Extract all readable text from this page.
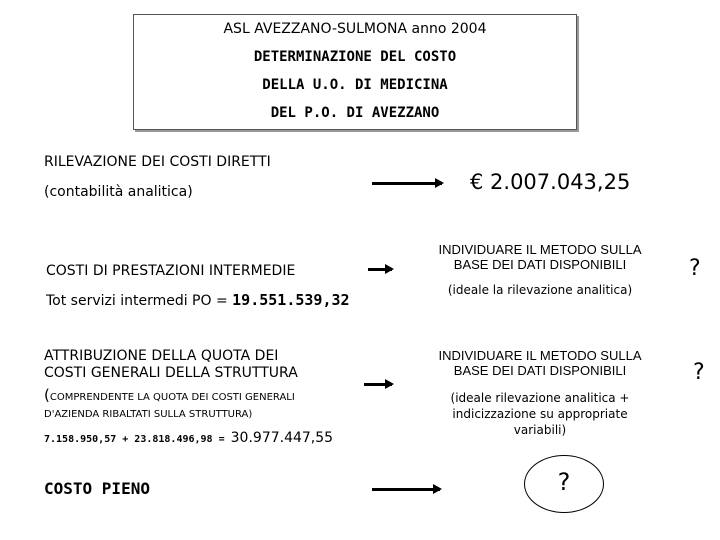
ASL AVEZZANO-SULMONA anno 2004
DETERMINAZIONE DEL COSTO
DELLA U.O. DI MEDICINA
DEL P.O. DI AVEZZANO
RILEVAZIONE DEI COSTI DIRETTI
(contabilità analitica)	€ 2.007.043,25
COSTI DI PRESTAZIONI INTERMEDIE
Tot servizi intermedi PO = 19.551.539,32
INDIVIDUARE IL METODO SULLA
BASE DEI DATI DISPONIBILI
(ideale la rilevazione analitica)
?
ATTRIBUZIONE DELLA QUOTA DEI
COSTI GENERALI DELLA STRUTTURA
(COMPRENDENTE LA QUOTA DEI COSTI GENERALI
D'AZIENDA RIBALTATI SULLA STRUTTURA)
7.158.950,57 + 23.818.496,98 = 30.977.447,55
INDIVIDUARE IL METODO SULLA
BASE DEI DATI DISPONIBILI
(ideale rilevazione analitica +
indicizzazione su appropriate
variabili)
?
COSTO PIENO	?
